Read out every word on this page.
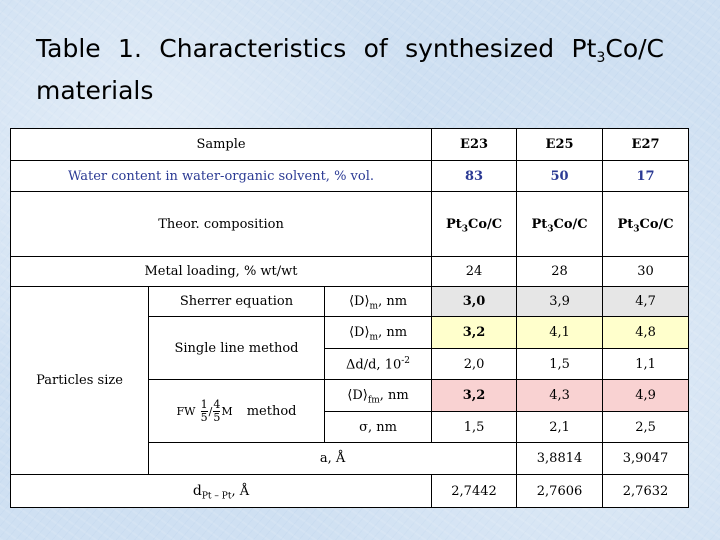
Table 1. Characteristics of synthesized $Pt_3Co/C$ materials
Sample			E23	E25	E27	
Water content in water-organic solvent, % vol.			83	50	17	
Theor. composition			$Pt_3Co/C$	$Pt_3Co/C$	$Pt_3Co/C$	
Metal loading, % wt/wt			24	28	30	
Particles size	Sherrer equation	$⟨D⟩_m$, nm	3,0	3,9	4,7	
	Single line method	$⟨D⟩_m$, nm	3,2	4,1	4,8	
		Δd/d, $10^{-2}$	2,0	1,5	1,1	
	FW $\frac{1}{5} /\frac{4}{5}$ M method	$⟨D⟩_{fm}$, nm	3,2	4,3	4,9	
		σ, nm	1,5	2,1	2,5	
	a, Å			3,8814	3,9047	
$d_{Pt - Pt}$, Å			2,7442	2,7606	2,7632	
